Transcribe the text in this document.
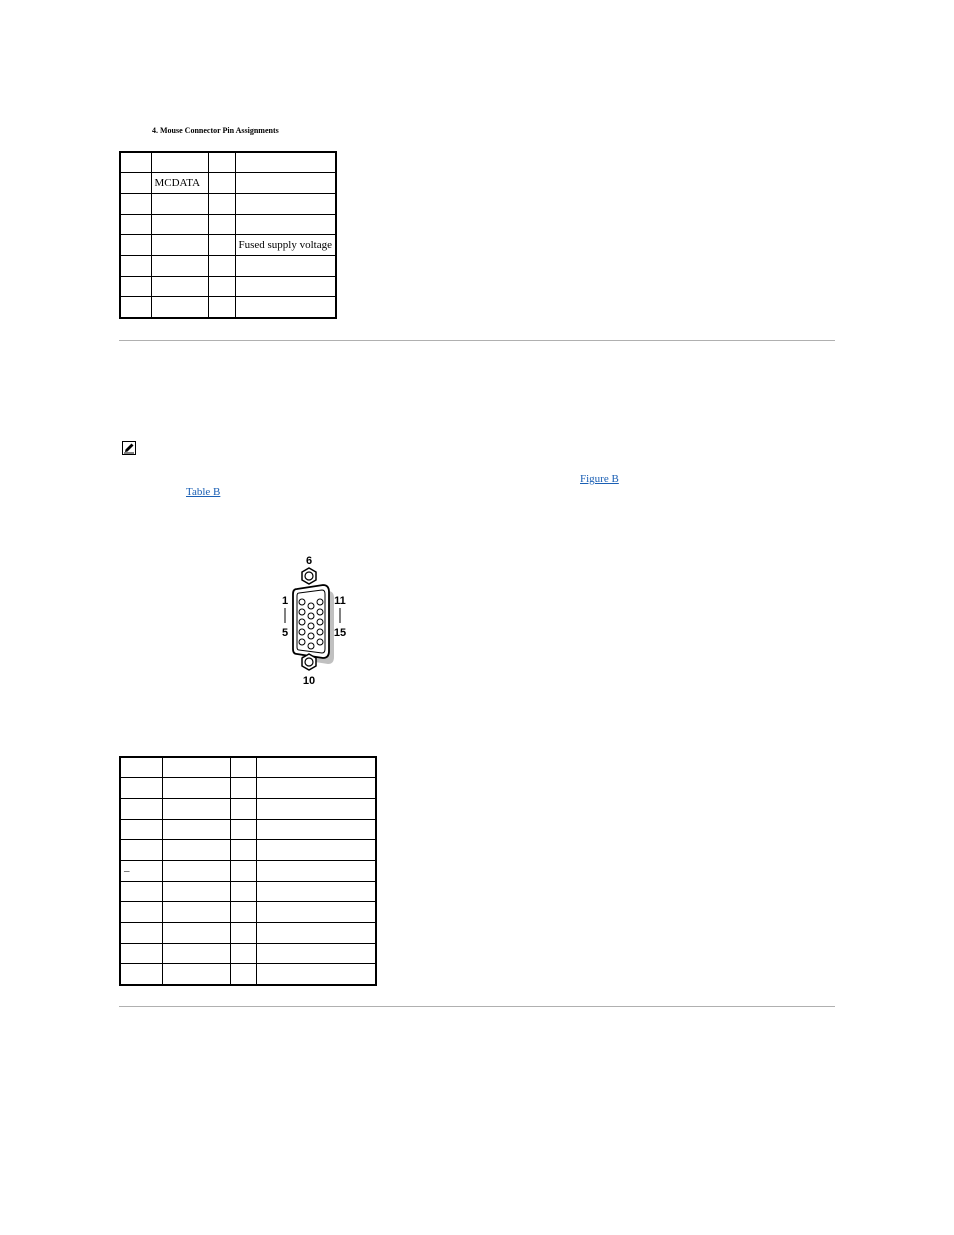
4. Mouse Connector Pin Assignments

	MCDATA		

			Fused supply voltage

Figure B
Table B
6
1
5
11
15
10

–			
